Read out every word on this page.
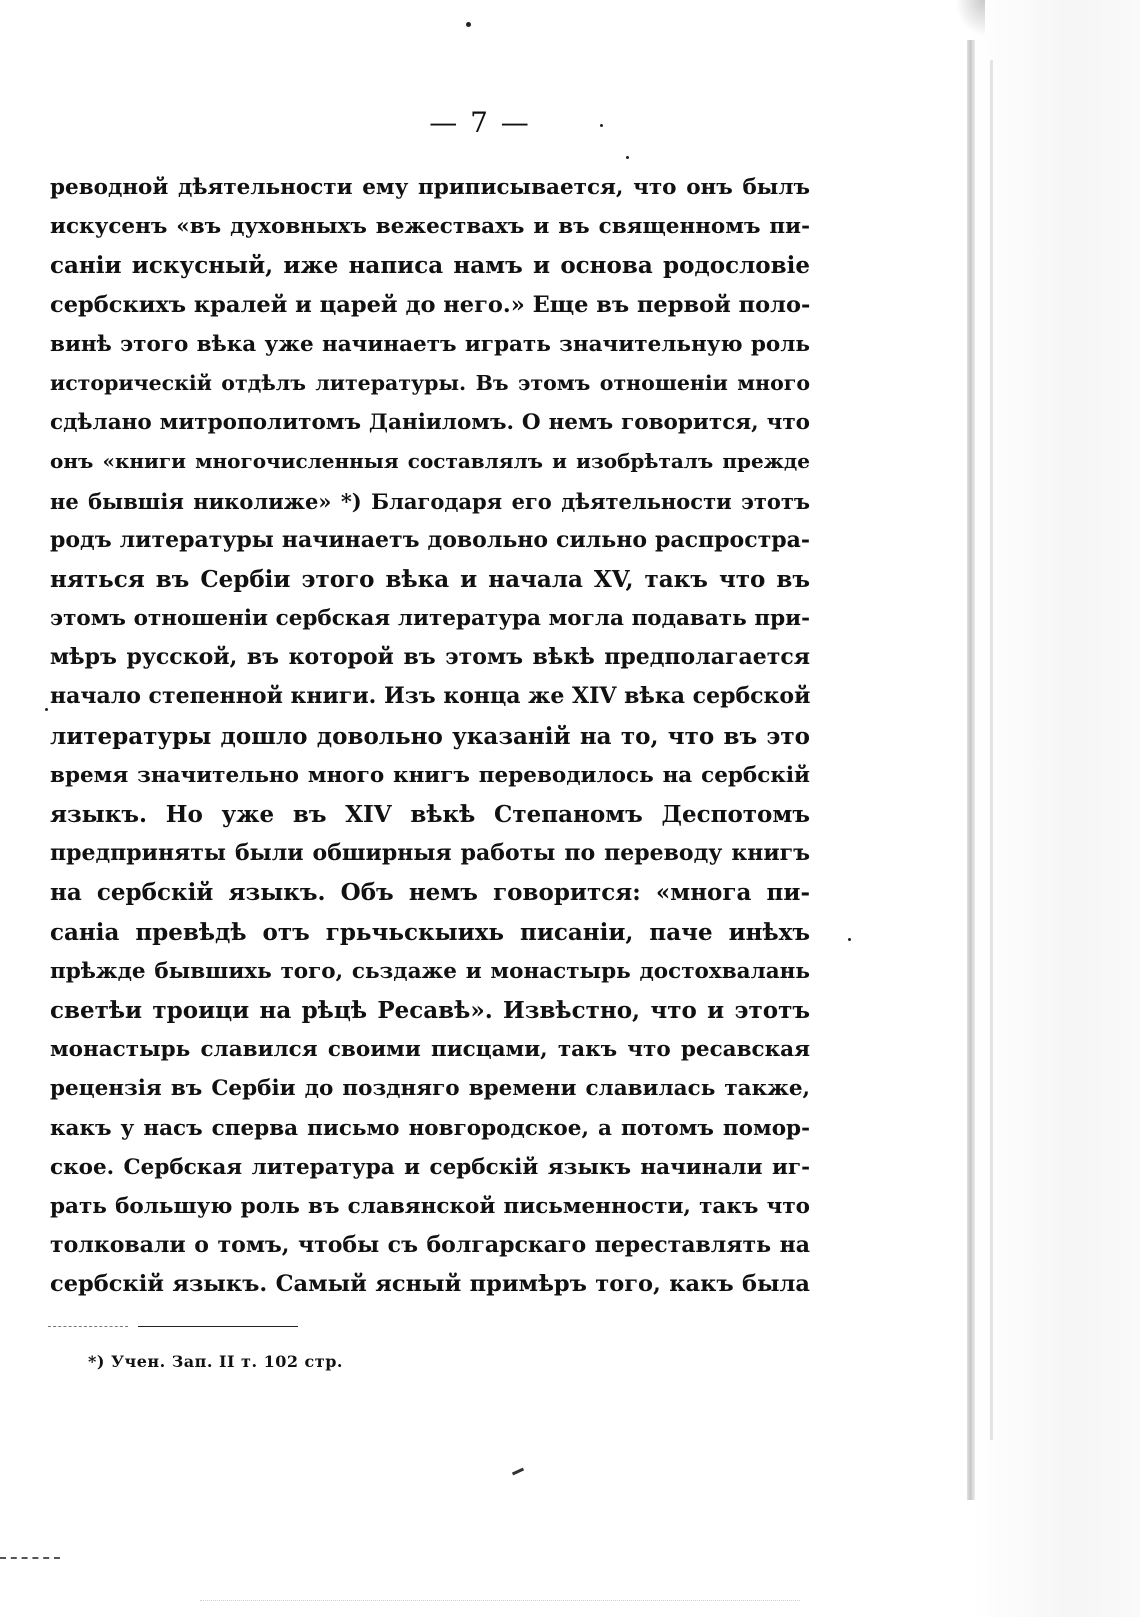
— 7 —
реводной дѣятельности ему приписывается, что онъ былъ
искусенъ «въ духовныхъ вежествахъ и въ священномъ пи-
саніи искусный, иже написа намъ и основа родословіе
сербскихъ кралей и царей до него.» Еще въ первой поло-
винѣ этого вѣка уже начинаетъ играть значительную роль
историческій отдѣлъ литературы. Въ этомъ отношеніи много
сдѣлано митрополитомъ Даніиломъ. О немъ говорится, что
онъ «книги многочисленныя составлялъ и изобрѣталъ прежде
не бывшія николиже» *) Благодаря его дѣятельности этотъ
родъ литературы начинаетъ довольно сильно распростра-
няться въ Сербіи этого вѣка и начала XV, такъ что въ
этомъ отношеніи сербская литература могла подавать при-
мѣръ русской, въ которой въ этомъ вѣкѣ предполагается
начало степенной книги. Изъ конца же XIV вѣка сербской
литературы дошло довольно указаній на то, что въ это
время значительно много книгъ переводилось на сербскій
языкъ. Но уже въ XIV вѣкѣ Степаномъ Деспотомъ
предприняты были обширныя работы по переводу книгъ
на сербскій языкъ. Объ немъ говорится: «многа пи-
саніа превѣдѣ отъ грьчьскыихь писаніи, паче инѣхъ
прѣжде бывшихь того, сьздаже и монастырь достохвалань
светѣи троици на рѣцѣ Ресавѣ». Извѣстно, что и этотъ
монастырь славился своими писцами, такъ что ресавская
рецензія въ Сербіи до поздняго времени славилась также,
какъ у насъ сперва письмо новгородское, а потомъ помор-
ское. Сербская литература и сербскій языкъ начинали иг-
рать большую роль въ славянской письменности, такъ что
толковали о томъ, чтобы съ болгарскаго переставлять на
сербскій языкъ. Самый ясный примѣръ того, какъ была
*) Учен. Зап. II т. 102 стр.
